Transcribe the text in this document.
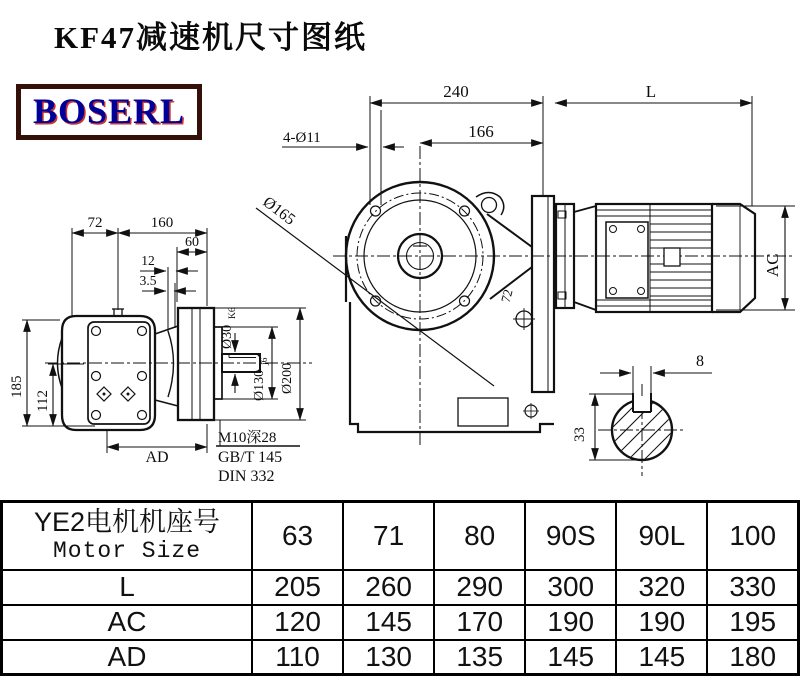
KF47减速机尺寸图纸
BOSERL	240	L
166
4-Ø11
Ø165
72
72	160
60
12
3.5
Ø30
K6
Ø130
j6
Ø200
185
112
AD
M10深28
GB/T 145
DIN 332
AC
8
33
YE2电机机座号
Motor Size	63	71	80	90S	90L	100
L	205	260	290	300	320	330
AC	120	145	170	190	190	195
AD	110	130	135	145	145	180
